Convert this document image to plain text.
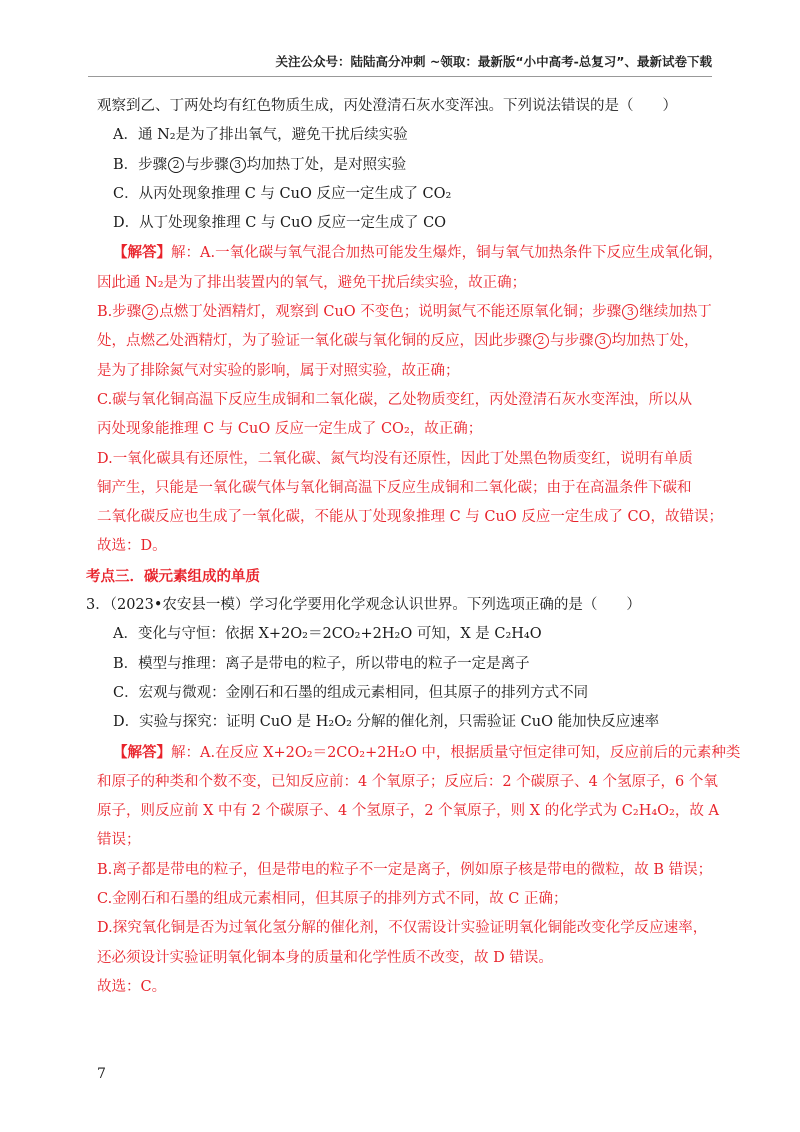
关注公众号：陆陆高分冲刺 ~领取：最新版“小中高考-总复习”、最新试卷下载
观察到乙、丁两处均有红色物质生成，丙处澄清石灰水变浑浊。下列说法错误的是（　　）
A．通 N₂是为了排出氧气，避免干扰后续实验
B．步骤 2 与步骤 3 均加热丁处，是对照实验
C．从丙处现象推理 C 与 CuO 反应一定生成了 CO₂
D．从丁处现象推理 C 与 CuO 反应一定生成了 CO
【解答】解：A.一氧化碳与氧气混合加热可能发生爆炸，铜与氧气加热条件下反应生成氧化铜，
因此通 N₂是为了排出装置内的氧气，避免干扰后续实验，故正确；
B.步骤 2 点燃丁处酒精灯，观察到 CuO 不变色；说明氮气不能还原氧化铜；步骤 3 继续加热丁
处，点燃乙处酒精灯，为了验证一氧化碳与氧化铜的反应，因此步骤 2 与步骤 3 均加热丁处，
是为了排除氮气对实验的影响，属于对照实验，故正确；
C.碳与氧化铜高温下反应生成铜和二氧化碳，乙处物质变红，丙处澄清石灰水变浑浊，所以从
丙处现象能推理 C 与 CuO 反应一定生成了 CO₂，故正确；
D.一氧化碳具有还原性，二氧化碳、氮气均没有还原性，因此丁处黑色物质变红，说明有单质
铜产生，只能是一氧化碳气体与氧化铜高温下反应生成铜和二氧化碳；由于在高温条件下碳和
二氧化碳反应也生成了一氧化碳，不能从丁处现象推理 C 与 CuO 反应一定生成了 CO，故错误；
故选：D。
考点三．碳元素组成的单质
3．（2023•农安县一模）学习化学要用化学观念认识世界。下列选项正确的是（　　）
A．变化与守恒：依据 X+2O₂＝2CO₂+2H₂O 可知，X 是 C₂H₄O
B．模型与推理：离子是带电的粒子，所以带电的粒子一定是离子
C．宏观与微观：金刚石和石墨的组成元素相同，但其原子的排列方式不同
D．实验与探究：证明 CuO 是 H₂O₂ 分解的催化剂，只需验证 CuO 能加快反应速率
【解答】解：A.在反应 X+2O₂＝2CO₂+2H₂O 中，根据质量守恒定律可知，反应前后的元素种类
和原子的种类和个数不变，已知反应前：4 个氧原子；反应后：2 个碳原子、4 个氢原子，6 个氧
原子，则反应前 X 中有 2 个碳原子、4 个氢原子，2 个氧原子，则 X 的化学式为 C₂H₄O₂，故 A
错误；
B.离子都是带电的粒子，但是带电的粒子不一定是离子，例如原子核是带电的微粒，故 B 错误；
C.金刚石和石墨的组成元素相同，但其原子的排列方式不同，故 C 正确；
D.探究氧化铜是否为过氧化氢分解的催化剂，不仅需设计实验证明氧化铜能改变化学反应速率，
还必须设计实验证明氧化铜本身的质量和化学性质不改变，故 D 错误。
故选：C。
7
